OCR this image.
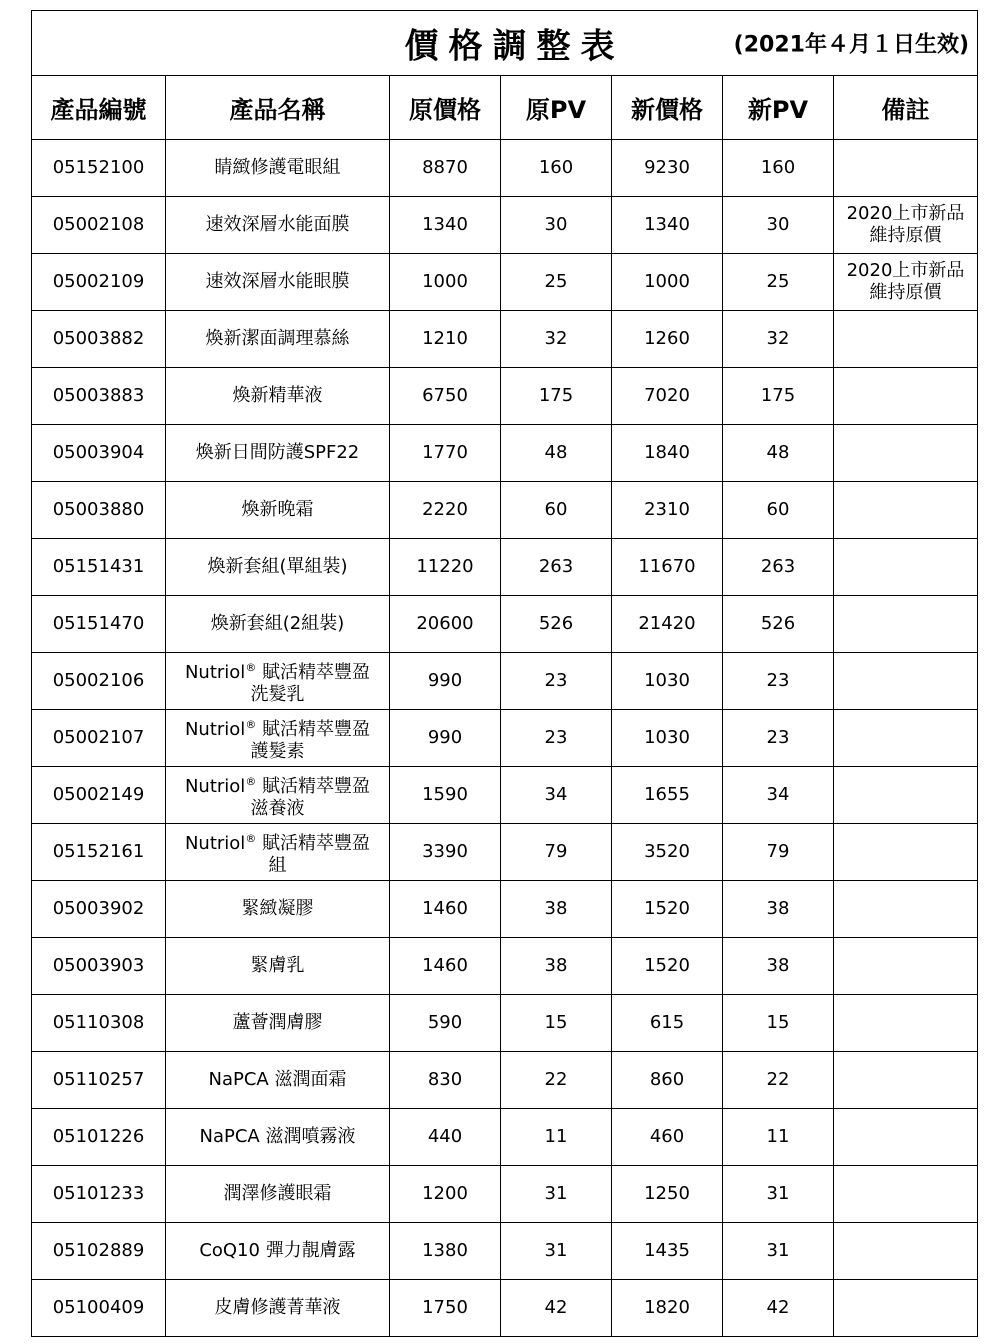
價格調整表 (2021年４月１日生效)						

產品編號	產品名稱	原價格	原PV	新價格	新PV	備註
05152100	睛緻修護電眼組	8870	160	9230	160	
05002108	速效深層水能面膜	1340	30	1340	30	2020上市新品
維持原價
05002109	速效深層水能眼膜	1000	25	1000	25	2020上市新品
維持原價
05003882	煥新潔面調理慕絲	1210	32	1260	32	
05003883	煥新精華液	6750	175	7020	175	
05003904	煥新日間防護SPF22	1770	48	1840	48	
05003880	煥新晚霜	2220	60	2310	60	
05151431	煥新套組(單組裝)	11220	263	11670	263	
05151470	煥新套組(2組裝)	20600	526	21420	526	
05002106	Nutriol® 賦活精萃豐盈
洗髮乳	990	23	1030	23	
05002107	Nutriol® 賦活精萃豐盈
護髮素	990	23	1030	23	
05002149	Nutriol® 賦活精萃豐盈
滋養液	1590	34	1655	34	
05152161	Nutriol® 賦活精萃豐盈
組	3390	79	3520	79	
05003902	緊緻凝膠	1460	38	1520	38	
05003903	緊膚乳	1460	38	1520	38	
05110308	蘆薈潤膚膠	590	15	615	15	
05110257	NaPCA 滋潤面霜	830	22	860	22	
05101226	NaPCA 滋潤噴霧液	440	11	460	11	
05101233	潤澤修護眼霜	1200	31	1250	31	
05102889	CoQ10 彈力靚膚露	1380	31	1435	31	
05100409	皮膚修護菁華液	1750	42	1820	42	
